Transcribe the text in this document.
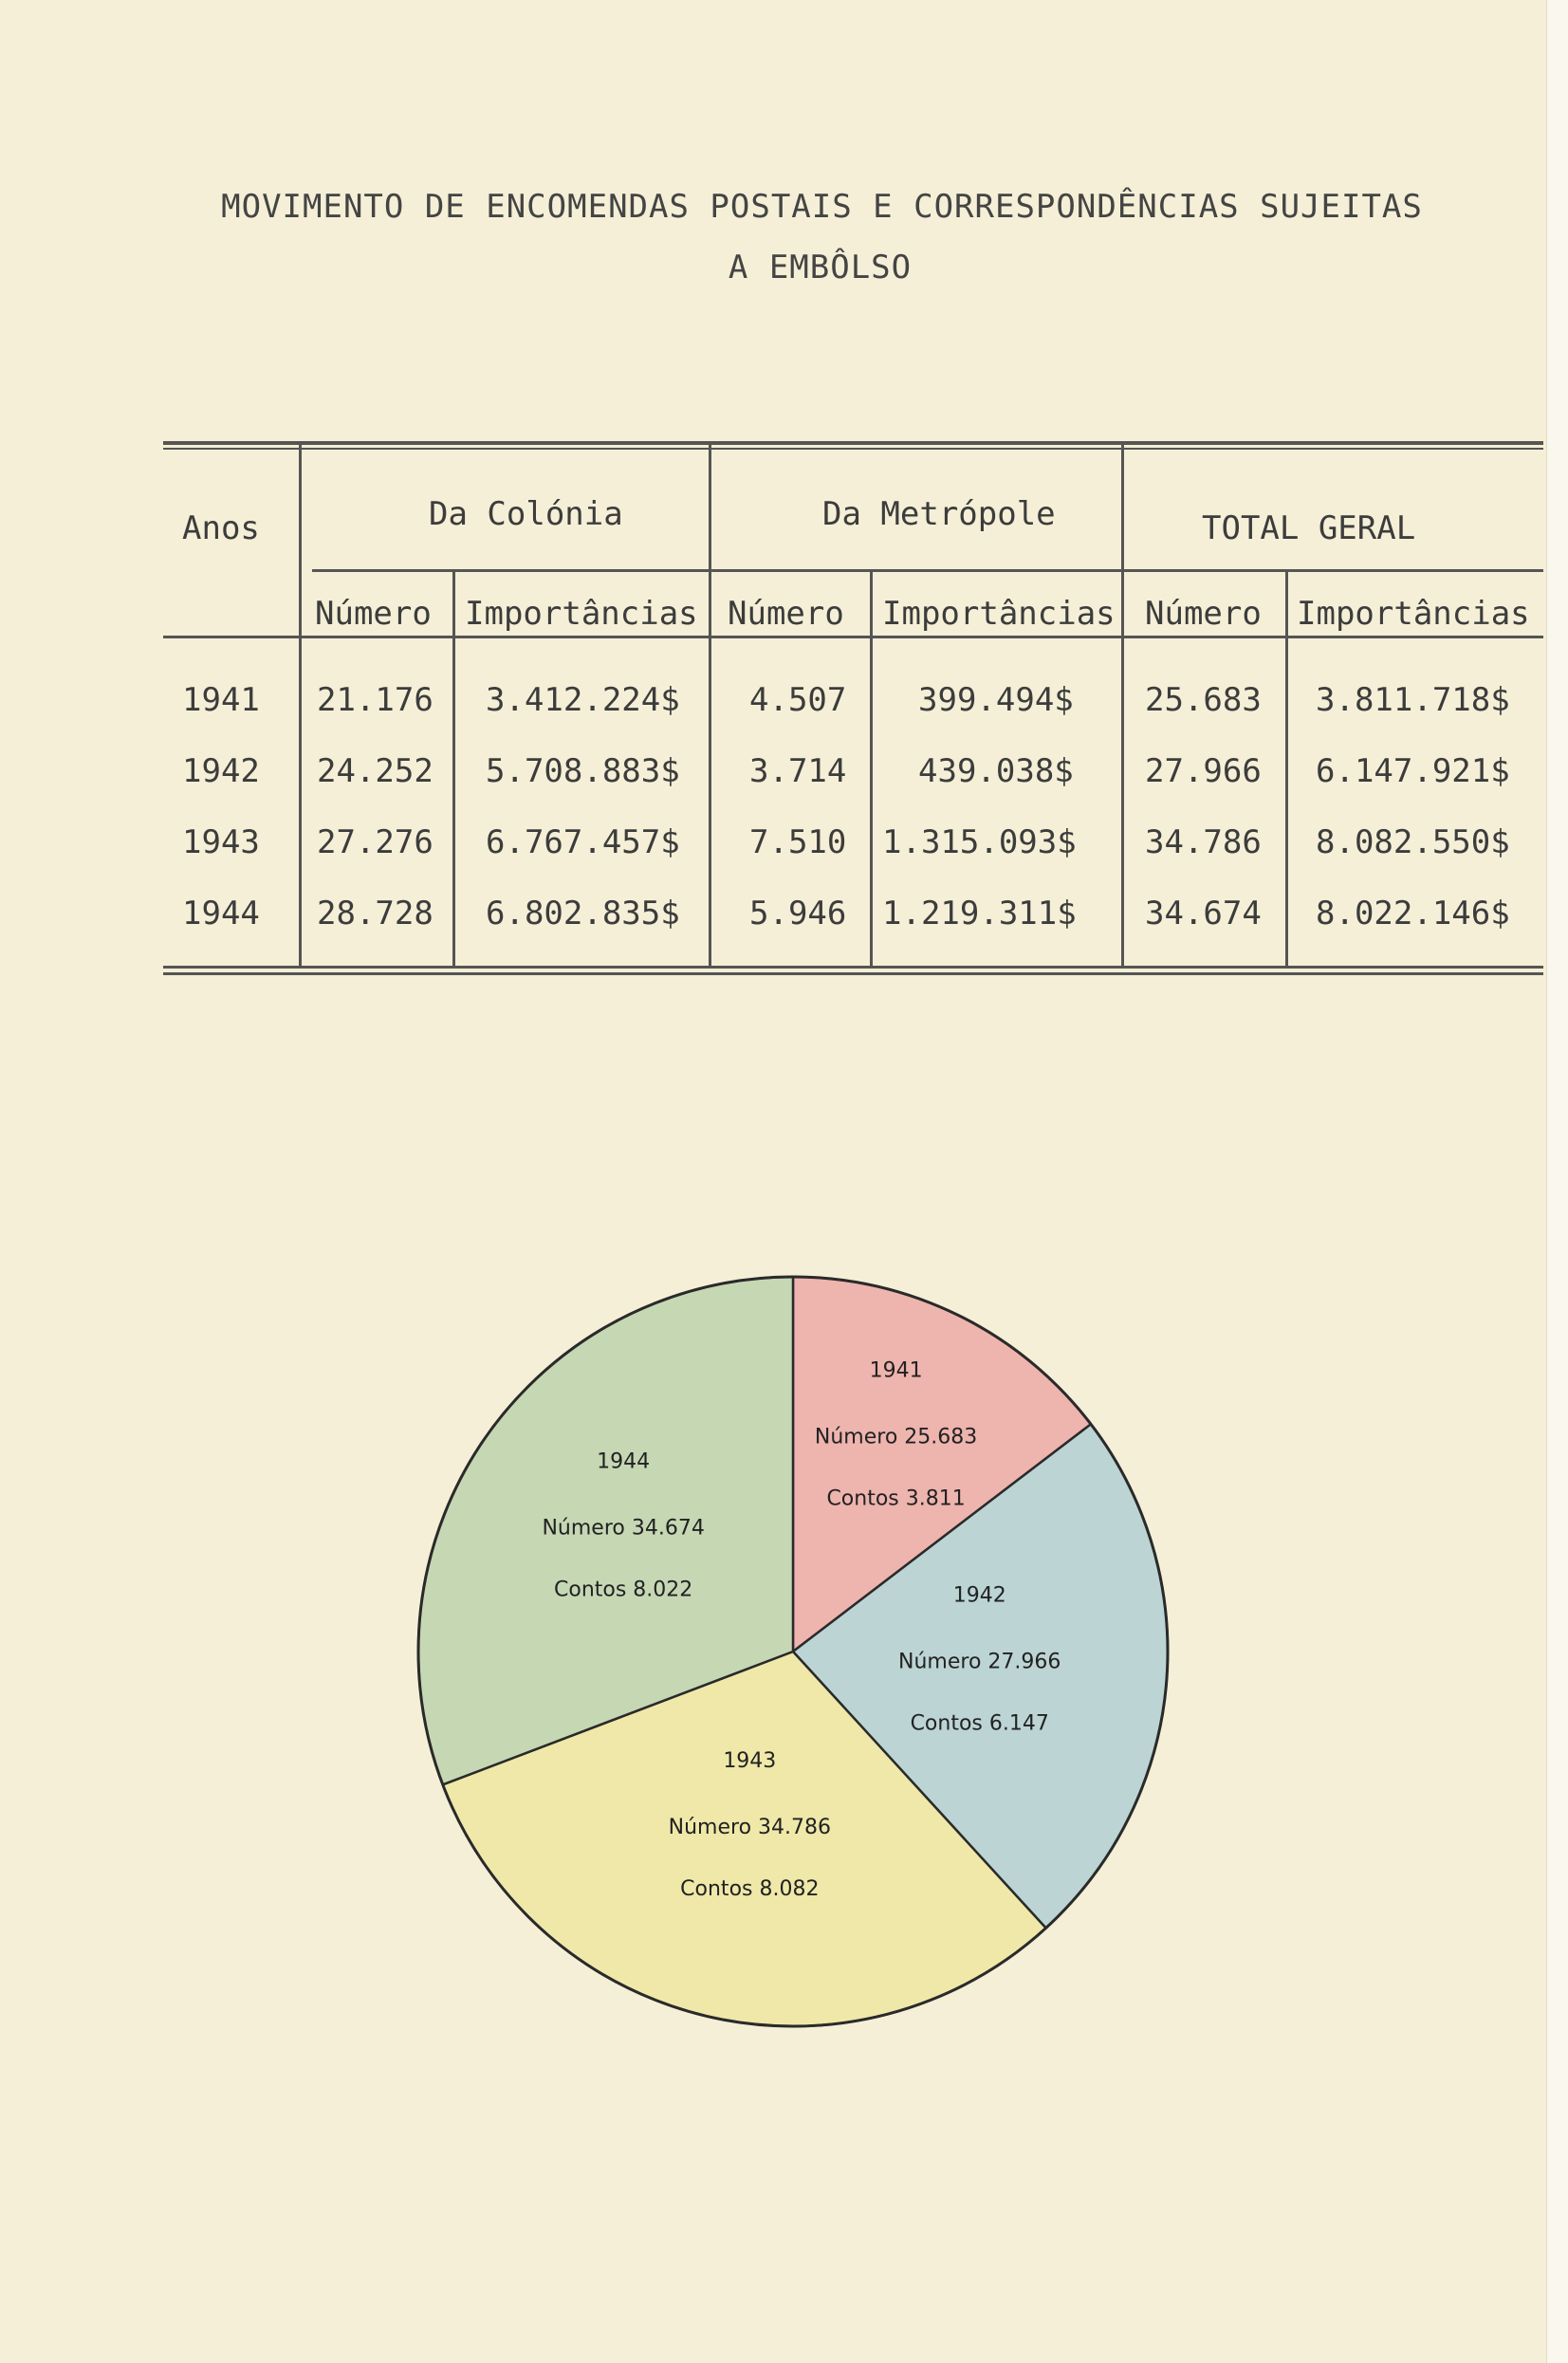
MOVIMENTO DE ENCOMENDAS POSTAIS E CORRESPONDÊNCIAS SUJEITAS
A EMBÔLSO
Anos	Da Colónia	Da Metrópole	TOTAL GERAL
Número Importâncias Número Importâncias Número Importâncias
1941 21.176 3.412.224$ 4.507 399.494$ 25.683 3.811.718$
1942 24.252 5.708.883$ 3.714 439.038$ 27.966 6.147.921$
1943 27.276 6.767.457$ 7.510 1.315.093$ 34.786 8.082.550$
1944 28.728 6.802.835$ 5.946 1.219.311$ 34.674 8.022.146$
1941
Número 25.683
Contos 3.811
1942
Número 27.966
Contos 6.147
1943
Número 34.786
Contos 8.082
1944
Número 34.674
Contos 8.022
